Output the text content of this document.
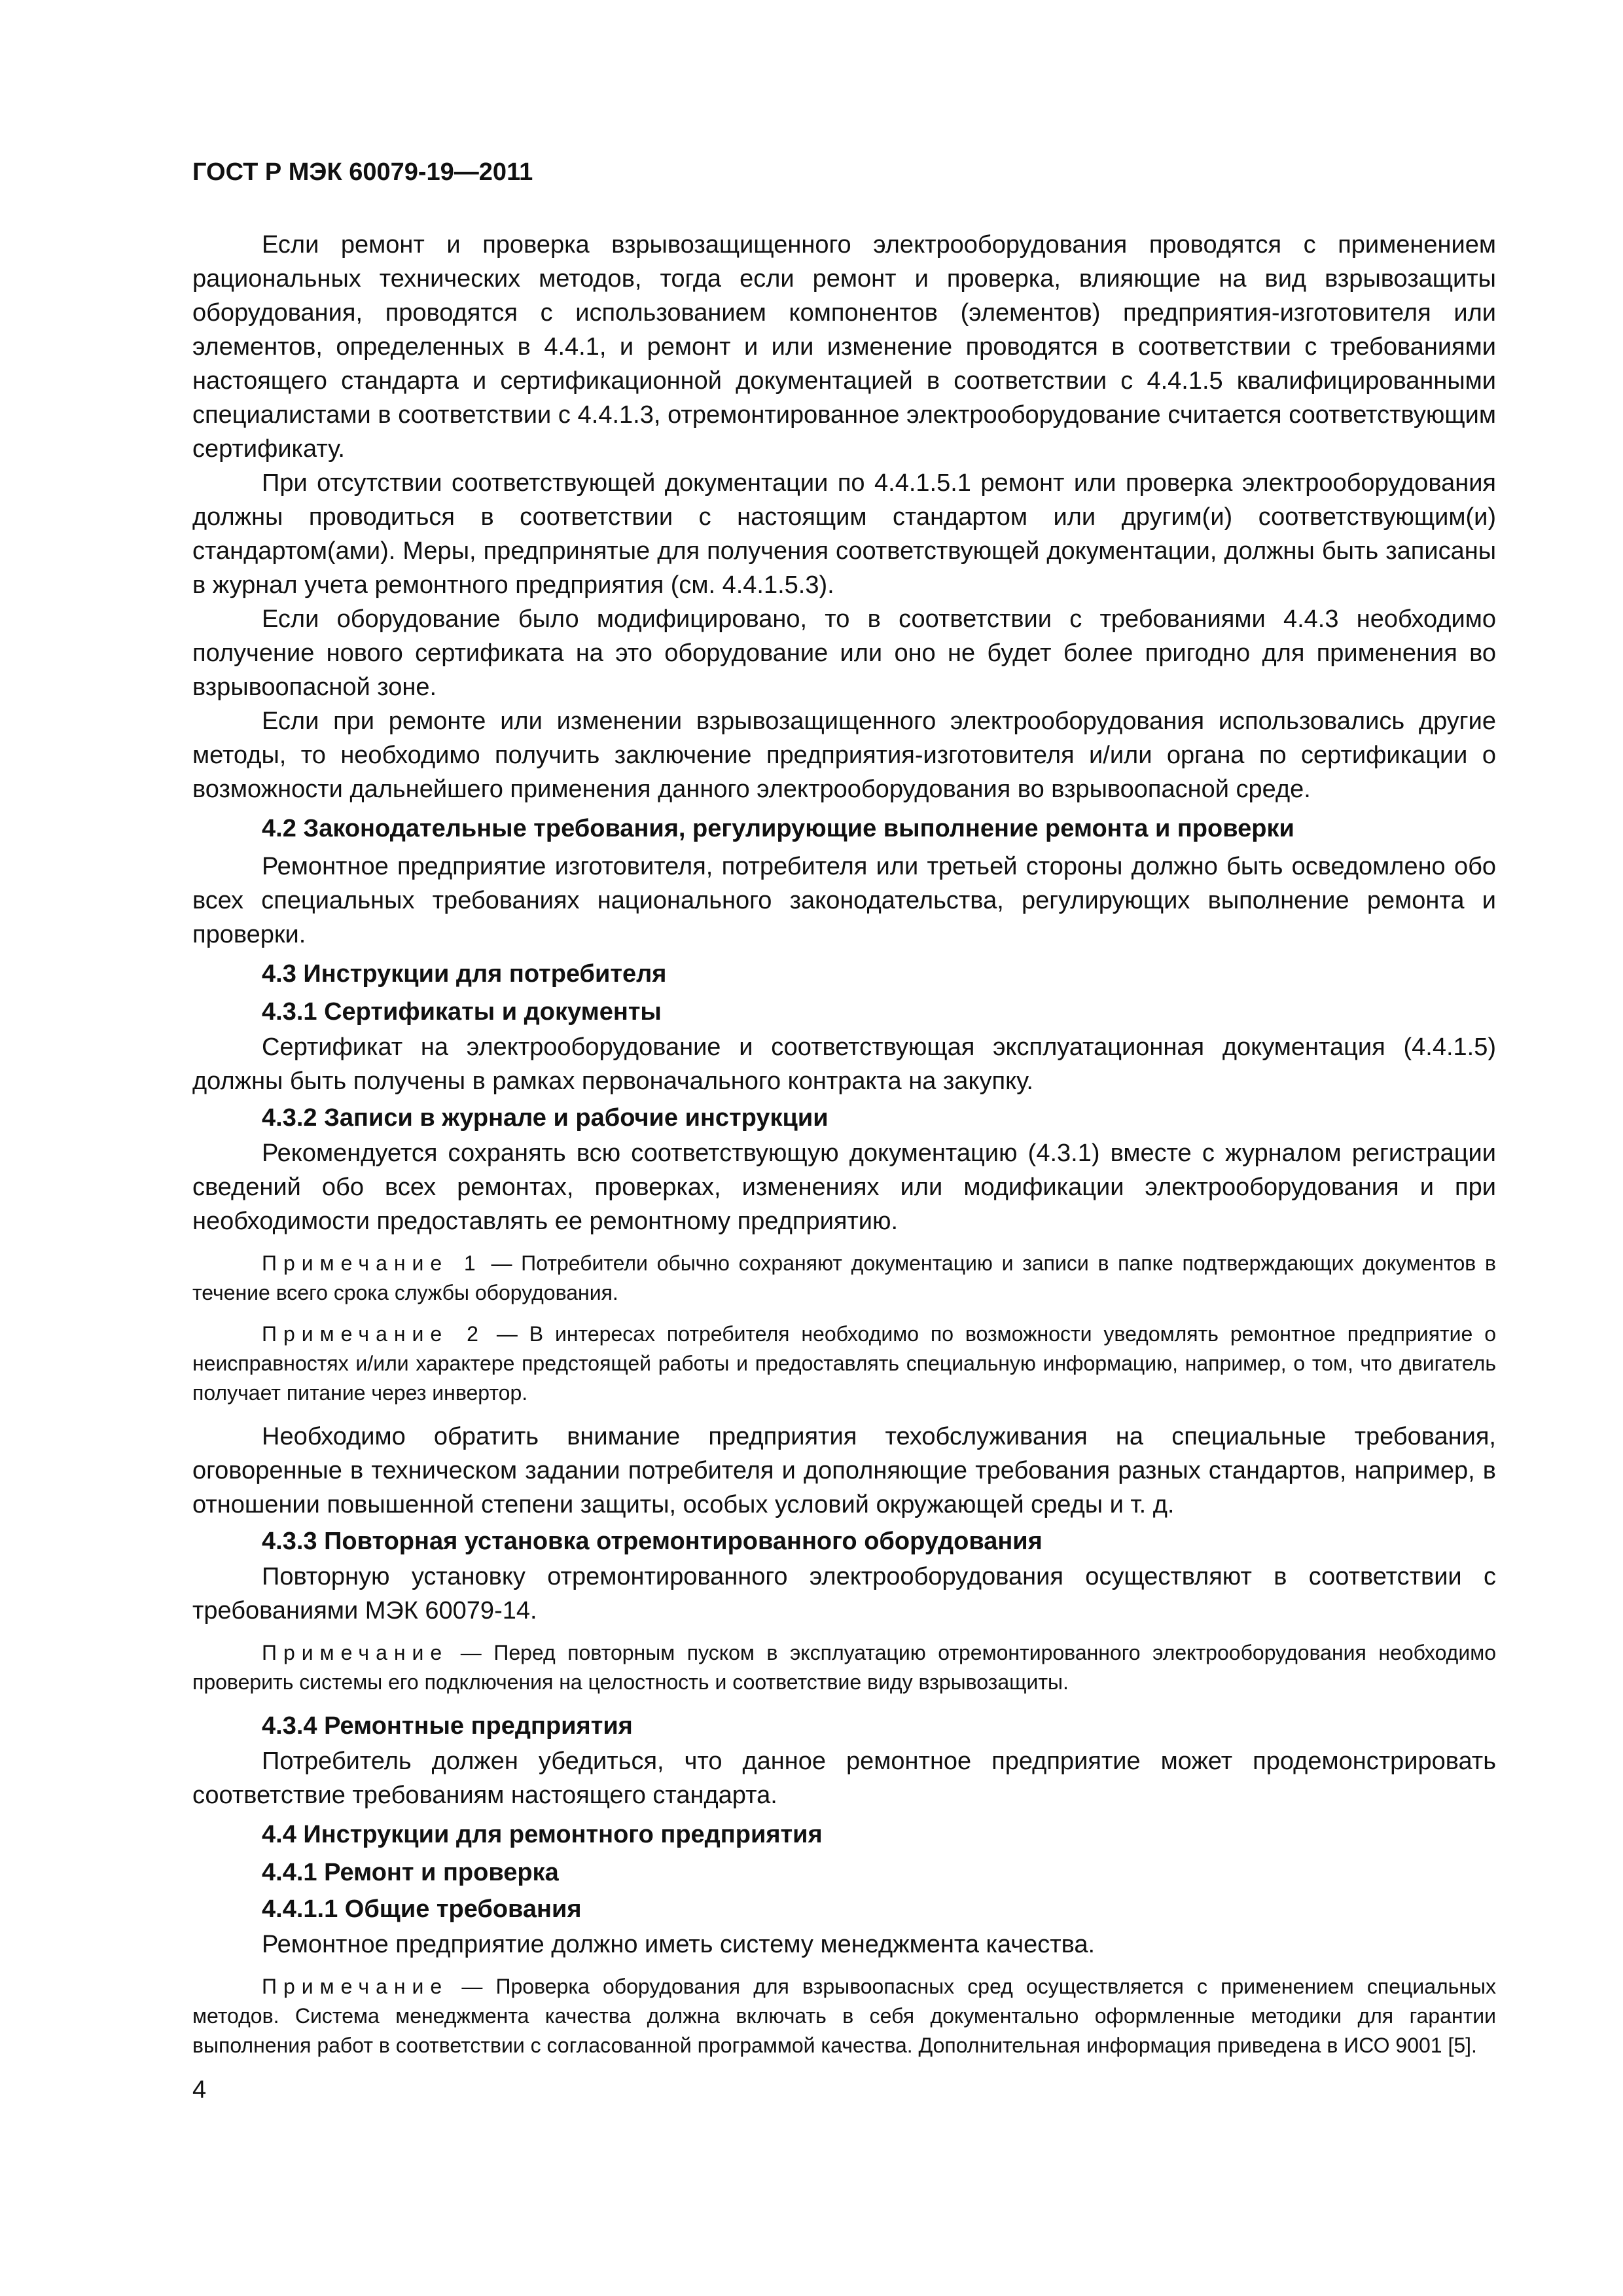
ГОСТ Р МЭК 60079-19—2011

Если ремонт и проверка взрывозащищенного электрооборудования проводятся с применением рациональных технических методов, тогда если ремонт и проверка, влияющие на вид взрывозащиты оборудования, проводятся с использованием компонентов (элементов) предприятия-изготовителя или элементов, определенных в 4.4.1, и ремонт и или изменение проводятся в соответствии с требованиями настоящего стандарта и сертификационной документацией в соответствии с 4.4.1.5 квалифицированными специалистами в соответствии с 4.4.1.3, отремонтированное электрооборудование считается соответствующим сертификату.

При отсутствии соответствующей документации по 4.4.1.5.1 ремонт или проверка электрооборудования должны проводиться в соответствии с настоящим стандартом или другим(и) соответствующим(и) стандартом(ами). Меры, предпринятые для получения соответствующей документации, должны быть записаны в журнал учета ремонтного предприятия (см. 4.4.1.5.3).

Если оборудование было модифицировано, то в соответствии с требованиями 4.4.3 необходимо получение нового сертификата на это оборудование или оно не будет более пригодно для применения во взрывоопасной зоне.

Если при ремонте или изменении взрывозащищенного электрооборудования использовались другие методы, то необходимо получить заключение предприятия-изготовителя и/или органа по сертификации о возможности дальнейшего применения данного электрооборудования во взрывоопасной среде.

4.2 Законодательные требования, регулирующие выполнение ремонта и проверки

Ремонтное предприятие изготовителя, потребителя или третьей стороны должно быть осведомлено обо всех специальных требованиях национального законодательства, регулирующих выполнение ремонта и проверки.

4.3 Инструкции для потребителя
4.3.1 Сертификаты и документы

Сертификат на электрооборудование и соответствующая эксплуатационная документация (4.4.1.5) должны быть получены в рамках первоначального контракта на закупку.

4.3.2 Записи в журнале и рабочие инструкции

Рекомендуется сохранять всю соответствующую документацию (4.3.1) вместе с журналом регистрации сведений обо всех ремонтах, проверках, изменениях или модификации электрооборудования и при необходимости предоставлять ее ремонтному предприятию.

Примечание 1 — Потребители обычно сохраняют документацию и записи в папке подтверждающих документов в течение всего срока службы оборудования.
Примечание 2 — В интересах потребителя необходимо по возможности уведомлять ремонтное предприятие о неисправностях и/или характере предстоящей работы и предоставлять специальную информацию, например, о том, что двигатель получает питание через инвертор.

Необходимо обратить внимание предприятия техобслуживания на специальные требования, оговоренные в техническом задании потребителя и дополняющие требования разных стандартов, например, в отношении повышенной степени защиты, особых условий окружающей среды и т. д.

4.3.3 Повторная установка отремонтированного оборудования

Повторную установку отремонтированного электрооборудования осуществляют в соответствии с требованиями МЭК 60079-14.

Примечание — Перед повторным пуском в эксплуатацию отремонтированного электрооборудования необходимо проверить системы его подключения на целостность и соответствие виду взрывозащиты.
4.3.4 Ремонтные предприятия

Потребитель должен убедиться, что данное ремонтное предприятие может продемонстрировать соответствие требованиям настоящего стандарта.

4.4 Инструкции для ремонтного предприятия
4.4.1 Ремонт и проверка
4.4.1.1 Общие требования

Ремонтное предприятие должно иметь систему менеджмента качества.

Примечание — Проверка оборудования для взрывоопасных сред осуществляется с применением специальных методов. Система менеджмента качества должна включать в себя документально оформленные методики для гарантии выполнения работ в соответствии с согласованной программой качества. Дополнительная информация приведена в ИСО 9001 [5].
4
